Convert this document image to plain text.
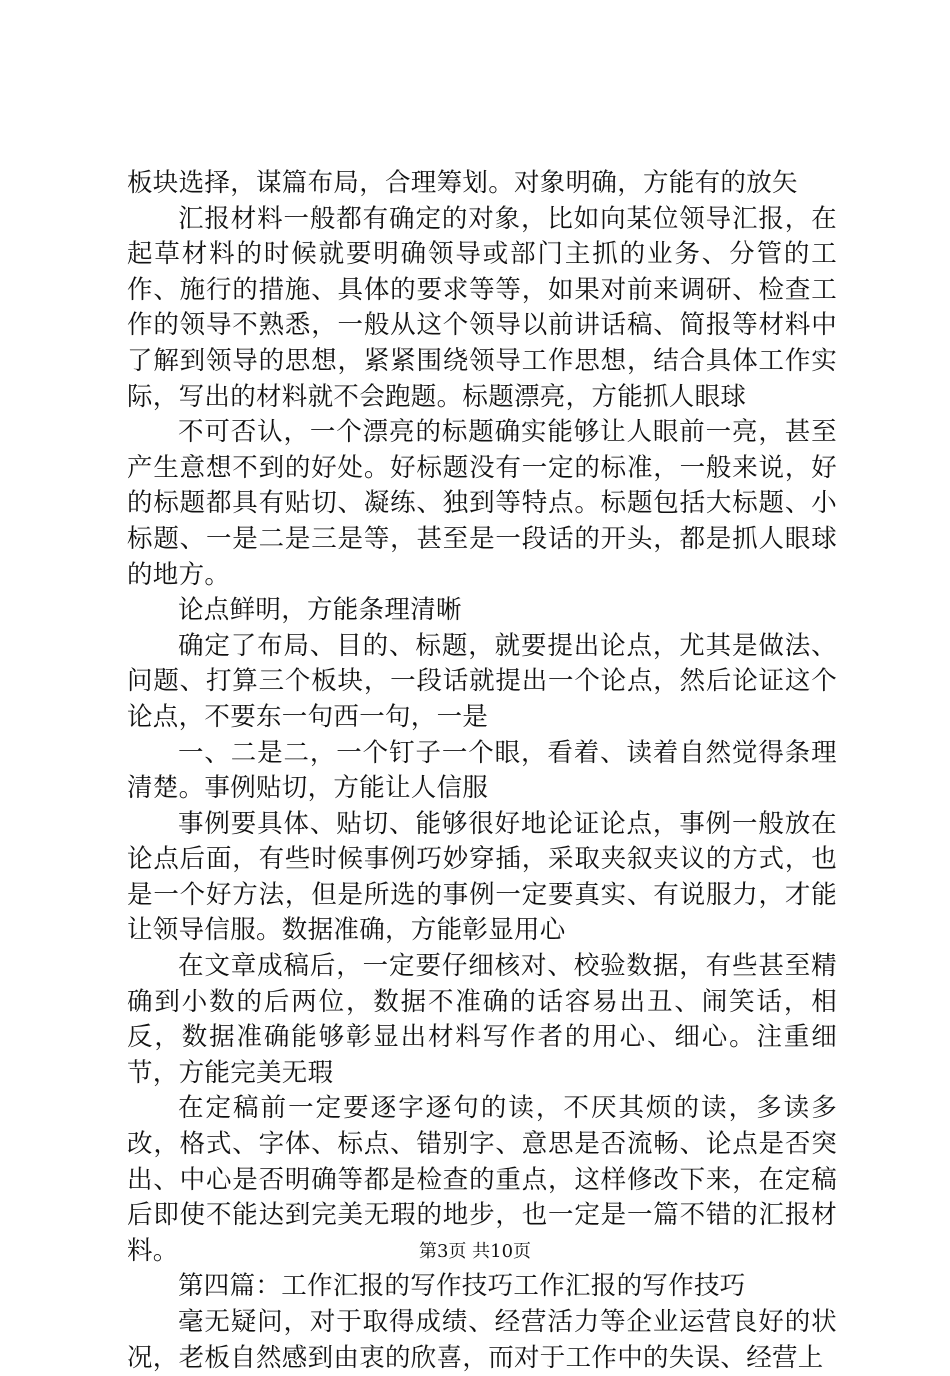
板块选择，谋篇布局，合理筹划。对象明确，方能有的放矢

汇报材料一般都有确定的对象，比如向某位领导汇报，在起草材料的时候就要明确领导或部门主抓的业务、分管的工作、施行的措施、具体的要求等等，如果对前来调研、检查工作的领导不熟悉，一般从这个领导以前讲话稿、简报等材料中了解到领导的思想，紧紧围绕领导工作思想，结合具体工作实际，写出的材料就不会跑题。标题漂亮，方能抓人眼球

不可否认，一个漂亮的标题确实能够让人眼前一亮，甚至产生意想不到的好处。好标题没有一定的标准，一般来说，好的标题都具有贴切、凝练、独到等特点。标题包括大标题、小标题、一是二是三是等，甚至是一段话的开头，都是抓人眼球的地方。

论点鲜明，方能条理清晰

确定了布局、目的、标题，就要提出论点，尤其是做法、问题、打算三个板块，一段话就提出一个论点，然后论证这个论点，不要东一句西一句，一是

一、二是二，一个钉子一个眼，看着、读着自然觉得条理清楚。事例贴切，方能让人信服

事例要具体、贴切、能够很好地论证论点，事例一般放在论点后面，有些时候事例巧妙穿插，采取夹叙夹议的方式，也是一个好方法，但是所选的事例一定要真实、有说服力，才能让领导信服。数据准确，方能彰显用心

在文章成稿后，一定要仔细核对、校验数据，有些甚至精确到小数的后两位，数据不准确的话容易出丑、闹笑话，相反，数据准确能够彰显出材料写作者的用心、细心。注重细节，方能完美无瑕

在定稿前一定要逐字逐句的读，不厌其烦的读，多读多改，格式、字体、标点、错别字、意思是否流畅、论点是否突出、中心是否明确等都是检查的重点，这样修改下来，在定稿后即使不能达到完美无瑕的地步，也一定是一篇不错的汇报材料。

第四篇：工作汇报的写作技巧工作汇报的写作技巧

毫无疑问，对于取得成绩、经营活力等企业运营良好的状况，老板自然感到由衷的欣喜，而对于工作中的失误、经营上

第3页 共10页
